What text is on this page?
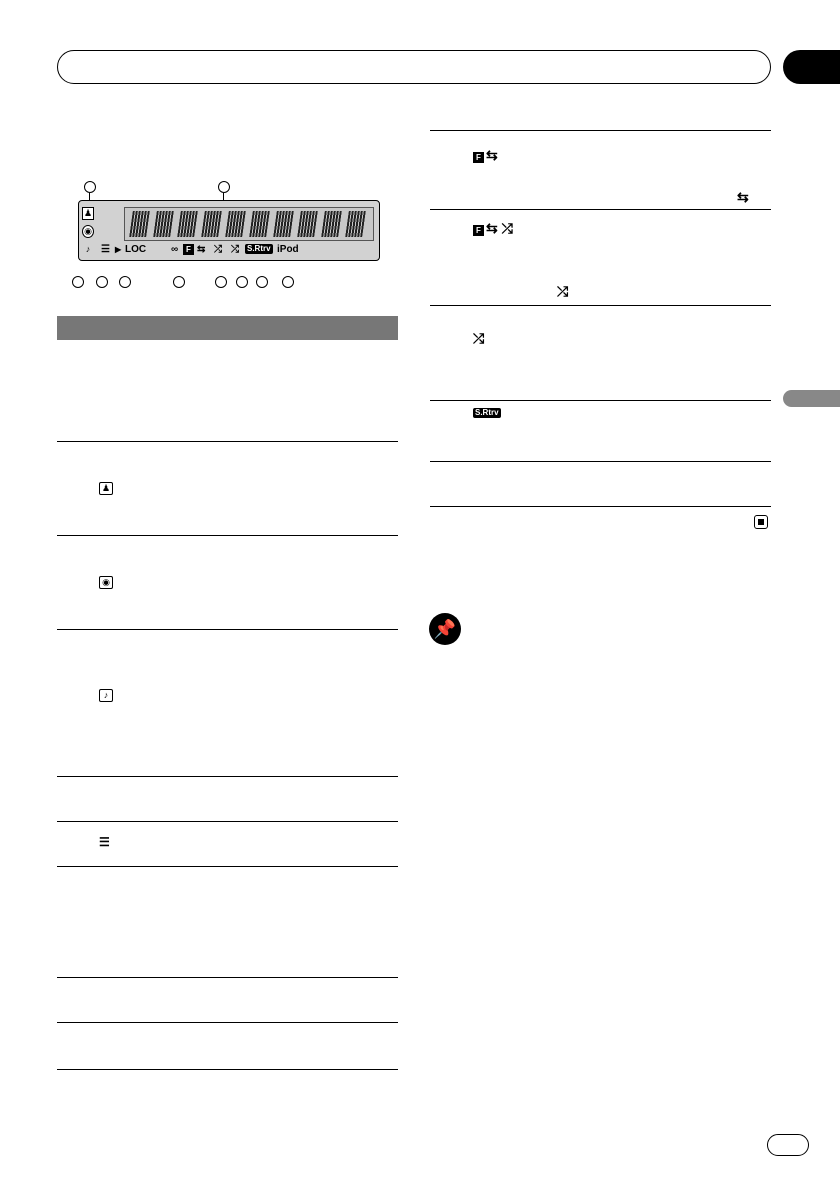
♟
◉
♪	☰ ▶ LOC ∞ F ⇆ ⤮ ⤮ S.Rtrv iPod
♟
◉
♪
☰
F ⇆
⇆
F ⇆ ⤮
⤮
⤮
S.Rtrv
📌
